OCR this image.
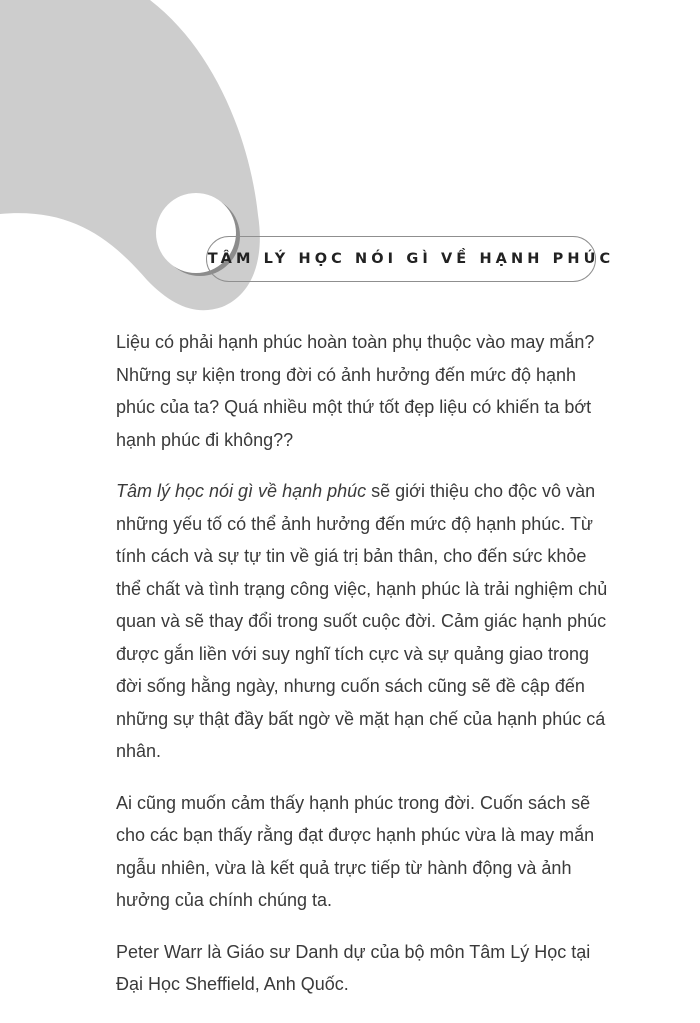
TÂM LÝ HỌC NÓI GÌ VỀ HẠNH PHÚC

Liệu có phải hạnh phúc hoàn toàn phụ thuộc vào may mắn? Những sự kiện trong đời có ảnh hưởng đến mức độ hạnh phúc của ta? Quá nhiều một thứ tốt đẹp liệu có khiến ta bớt hạnh phúc đi không??

Tâm lý học nói gì về hạnh phúc sẽ giới thiệu cho độc vô vàn những yếu tố có thể ảnh hưởng đến mức độ hạnh phúc. Từ tính cách và sự tự tin về giá trị bản thân, cho đến sức khỏe thể chất và tình trạng công việc, hạnh phúc là trải nghiệm chủ quan và sẽ thay đổi trong suốt cuộc đời. Cảm giác hạnh phúc được gắn liền với suy nghĩ tích cực và sự quảng giao trong đời sống hằng ngày, nhưng cuốn sách cũng sẽ đề cập đến những sự thật đầy bất ngờ về mặt hạn chế của hạnh phúc cá nhân.

Ai cũng muốn cảm thấy hạnh phúc trong đời. Cuốn sách sẽ cho các bạn thấy rằng đạt được hạnh phúc vừa là may mắn ngẫu nhiên, vừa là kết quả trực tiếp từ hành động và ảnh hưởng của chính chúng ta.

Peter Warr là Giáo sư Danh dự của bộ môn Tâm Lý Học tại Đại Học Sheffield, Anh Quốc.
